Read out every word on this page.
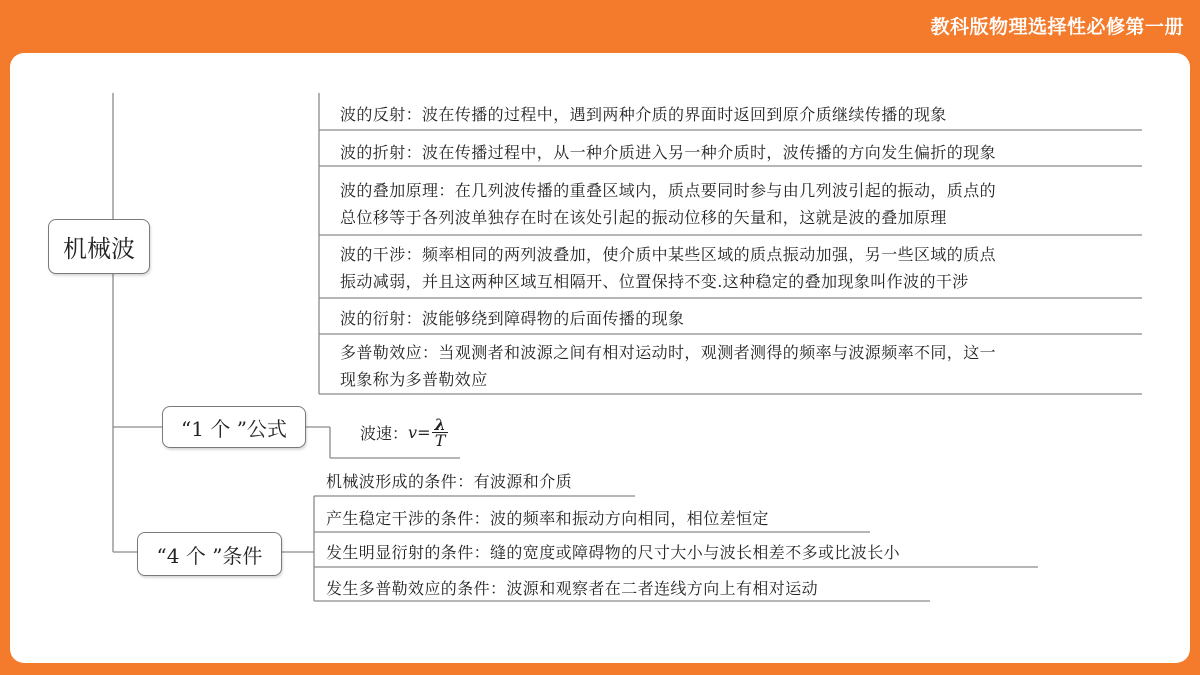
教科版物理选择性必修第一册
机械波
波的反射：波在传播的过程中，遇到两种介质的界面时返回到原介质继续传播的现象
波的折射：波在传播过程中，从一种介质进入另一种介质时，波传播的方向发生偏折的现象
波的叠加原理：在几列波传播的重叠区域内，质点要同时参与由几列波引起的振动，质点的
总位移等于各列波单独存在时在该处引起的振动位移的矢量和，这就是波的叠加原理
波的干涉：频率相同的两列波叠加，使介质中某些区域的质点振动加强，另一些区域的质点
振动减弱，并且这两种区域互相隔开、位置保持不变.这种稳定的叠加现象叫作波的干涉
波的衍射：波能够绕到障碍物的后面传播的现象
多普勒效应：当观测者和波源之间有相对运动时，观测者测得的频率与波源频率不同，这一
现象称为多普勒效应
“1 个 ”公式	波速： $v = \frac{\lambda}{T}$
“4 个 ”条件
机械波形成的条件：有波源和介质
产生稳定干涉的条件：波的频率和振动方向相同，相位差恒定
发生明显衍射的条件：缝的宽度或障碍物的尺寸大小与波长相差不多或比波长小
发生多普勒效应的条件：波源和观察者在二者连线方向上有相对运动
